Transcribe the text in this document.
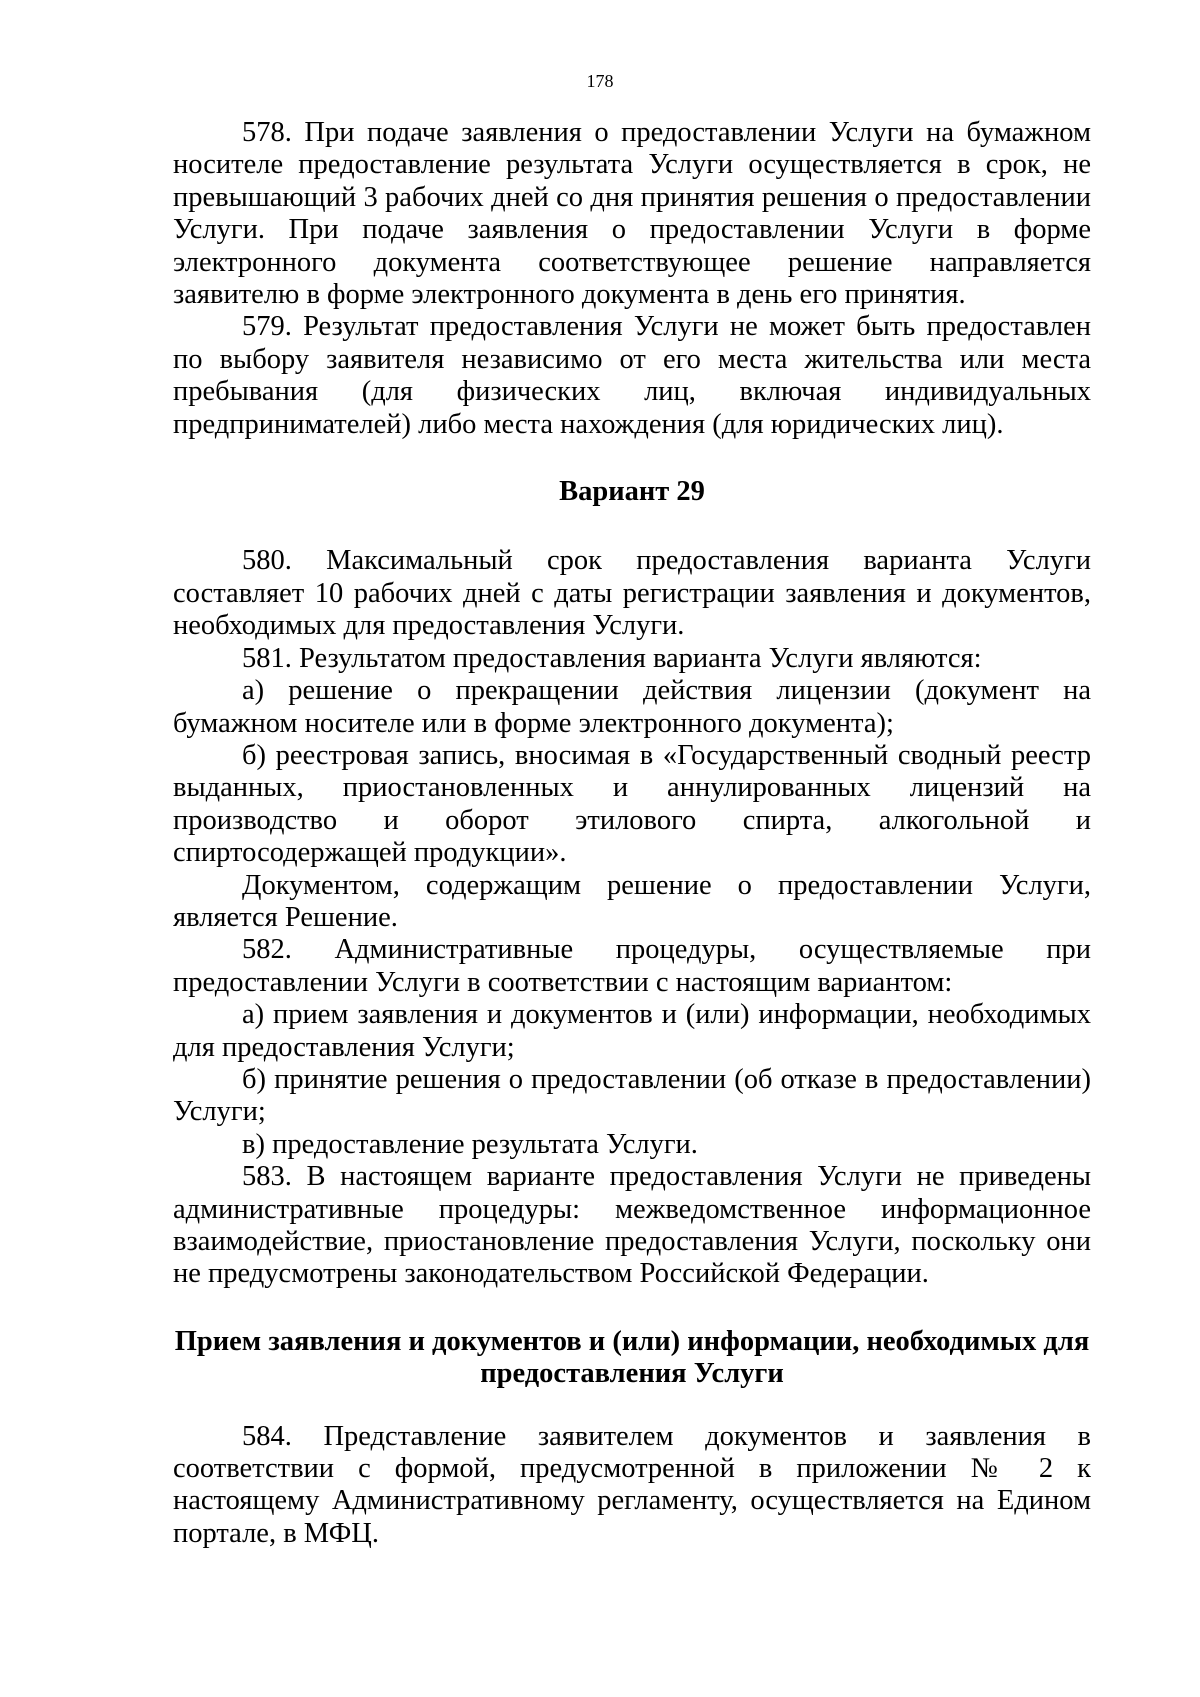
178

578. При подаче заявления о предоставлении Услуги на бумажном носителе предоставление результата Услуги осуществляется в срок, не превышающий 3 рабочих дней со дня принятия решения о предоставлении Услуги. При подаче заявления о предоставлении Услуги в форме электронного документа соответствующее решение направляется заявителю в форме электронного документа в день его принятия.

579. Результат предоставления Услуги не может быть предоставлен по выбору заявителя независимо от его места жительства или места пребывания (для физических лиц, включая индивидуальных предпринимателей) либо места нахождения (для юридических лиц).

Вариант 29

580. Максимальный срок предоставления варианта Услуги составляет 10 рабочих дней с даты регистрации заявления и документов, необходимых для предоставления Услуги.

581. Результатом предоставления варианта Услуги являются:

а) решение о прекращении действия лицензии (документ на бумажном носителе или в форме электронного документа);

б) реестровая запись, вносимая в «Государственный сводный реестр выданных, приостановленных и аннулированных лицензий на производство и оборот этилового спирта, алкогольной и спиртосодержащей продукции».

Документом, содержащим решение о предоставлении Услуги, является Решение.

582. Административные процедуры, осуществляемые при предоставлении Услуги в соответствии с настоящим вариантом:

а) прием заявления и документов и (или) информации, необходимых для предоставления Услуги;

б) принятие решения о предоставлении (об отказе в предоставлении) Услуги;

в) предоставление результата Услуги.

583. В настоящем варианте предоставления Услуги не приведены административные процедуры: межведомственное информационное взаимодействие, приостановление предоставления Услуги, поскольку они не предусмотрены законодательством Российской Федерации.

Прием заявления и документов и (или) информации, необходимых для предоставления Услуги

584. Представление заявителем документов и заявления в соответствии с формой, предусмотренной в приложении № 2 к настоящему Административному регламенту, осуществляется на Едином портале, в МФЦ.
